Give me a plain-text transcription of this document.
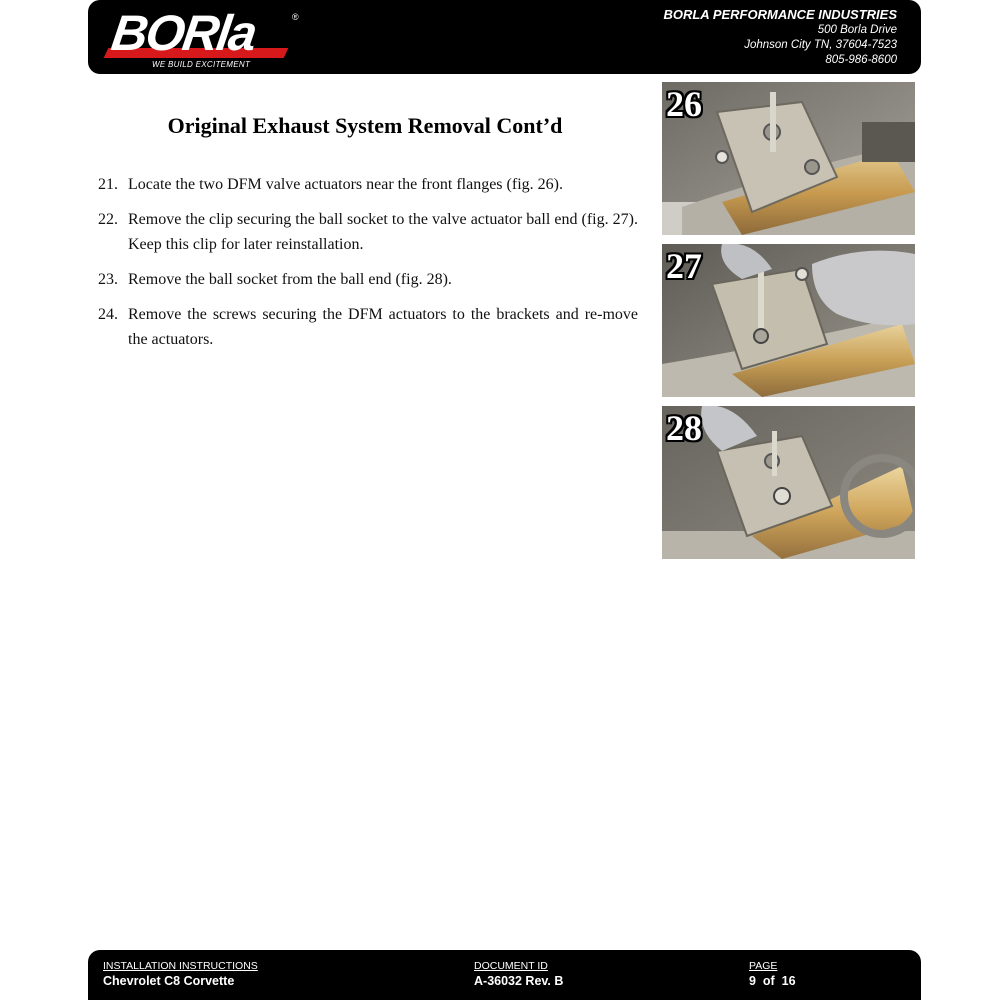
BORla	®
WE BUILD EXCITEMENT
BORLA PERFORMANCE INDUSTRIES
500 Borla Drive
Johnson City TN, 37604-7523
805-986-8600
Original Exhaust System Removal Cont’d
21. Locate the two DFM valve actuators near the front flanges (fig. 26).
22. Remove the clip securing the ball socket to the valve actuator ball end (fig. 27). Keep this clip for later reinstallation.
23. Remove the ball socket from the ball end (fig. 28).
24. Remove the screws securing the DFM actuators to the brackets and re-move the actuators.
26
27
28
INSTALLATION INSTRUCTIONS
Chevrolet C8 Corvette
DOCUMENT ID
A-36032 Rev. B
PAGE
9  of  16
